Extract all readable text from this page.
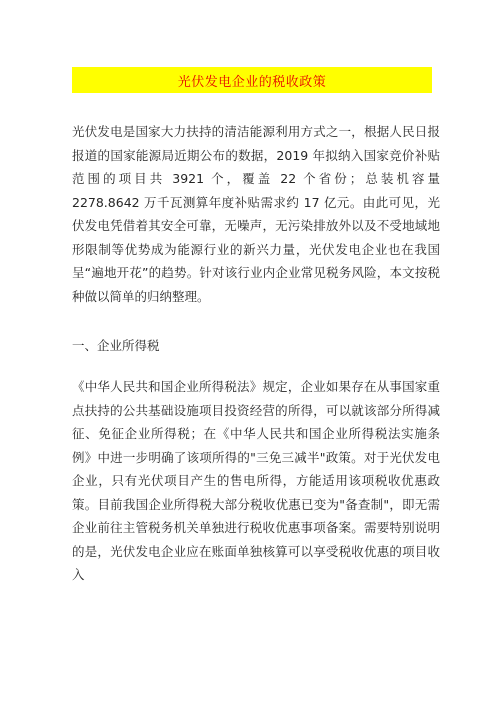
光伏发电企业的税收政策

光伏发电是国家大力扶持的清洁能源利用方式之一，根据人民日报报道的国家能源局近期公布的数据，2019 年拟纳入国家竞价补贴范围的项目共 3921 个，覆盖 22 个省份；总装机容量 2278.8642 万千瓦测算年度补贴需求约 17 亿元。由此可见，光伏发电凭借着其安全可靠，无噪声，无污染排放外以及不受地域地形限制等优势成为能源行业的新兴力量，光伏发电企业也在我国呈“遍地开花”的趋势。针对该行业内企业常见税务风险，本文按税种做以简单的归纳整理。

一、企业所得税

《中华人民共和国企业所得税法》规定，企业如果存在从事国家重点扶持的公共基础设施项目投资经营的所得，可以就该部分所得减征、免征企业所得税；在《中华人民共和国企业所得税法实施条例》中进一步明确了该项所得的"三免三减半"政策。对于光伏发电企业，只有光伏项目产生的售电所得，方能适用该项税收优惠政策。目前我国企业所得税大部分税收优惠已变为"备查制"，即无需企业前往主管税务机关单独进行税收优惠事项备案。需要特别说明的是，光伏发电企业应在账面单独核算可以享受税收优惠的项目收入
